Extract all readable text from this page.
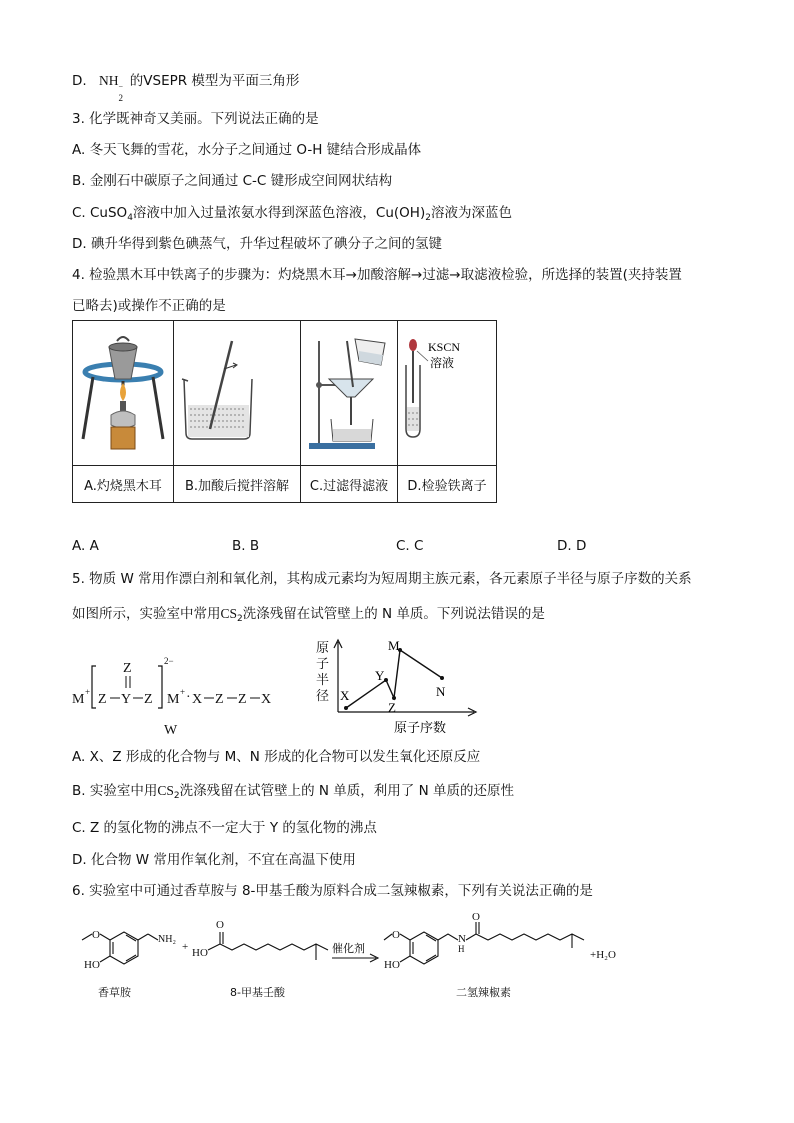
D. NH −
2
的VSEPR 模型为平面三角形
3. 化学既神奇又美丽。下列说法正确的是
A. 冬天飞舞的雪花，水分子之间通过 O-H 键结合形成晶体
B. 金刚石中碳原子之间通过 C-C 键形成空间网状结构
C. CuSO$_4$溶液中加入过量浓氨水得到深蓝色溶液，$Cu(OH)_2$溶液为深蓝色
D. 碘升华得到紫色碘蒸气，升华过程破坏了碘分子之间的氢键
4. 检验黑木耳中铁离子的步骤为：灼烧黑木耳→加酸溶解→过滤→取滤液检验，所选择的装置(夹持装置
已略去)或操作不正确的是

KSCN
溶液

A.灼烧黑木耳	B.加酸后搅拌溶解	C.过滤得滤液	D.检验铁离子
A. A	B. B	C. C	D. D
5. 物质 W 常用作漂白剂和氧化剂，其构成元素均为短周期主族元素，各元素原子半径与原子序数的关系
如图所示，实验室中常用$CS_2$洗涤残留在试管壁上的 N 单质。下列说法错误的是
M + Z Y Z
Z	2−
M + · X Z Z X
W
原
子
半
径
原子序数
X
Z
Y
M
N
A. X、Z 形成的化合物与 M、N 形成的化合物可以发生氧化还原反应
B. 实验室中用$CS_2$洗涤残留在试管壁上的 N 单质，利用了 N 单质的还原性
C. Z 的氢化物的沸点不一定大于 Y 的氢化物的沸点
D. 化合物 W 常用作氧化剂，不宜在高温下使用
6. 实验室中可通过香草胺与 8-甲基壬酸为原料合成二氢辣椒素，下列有关说法正确的是
O
HO
NH₂
+ HO
O
O
HO
N
H
O
+H₂O
催化剂
香草胺	8-甲基壬酸	二氢辣椒素
